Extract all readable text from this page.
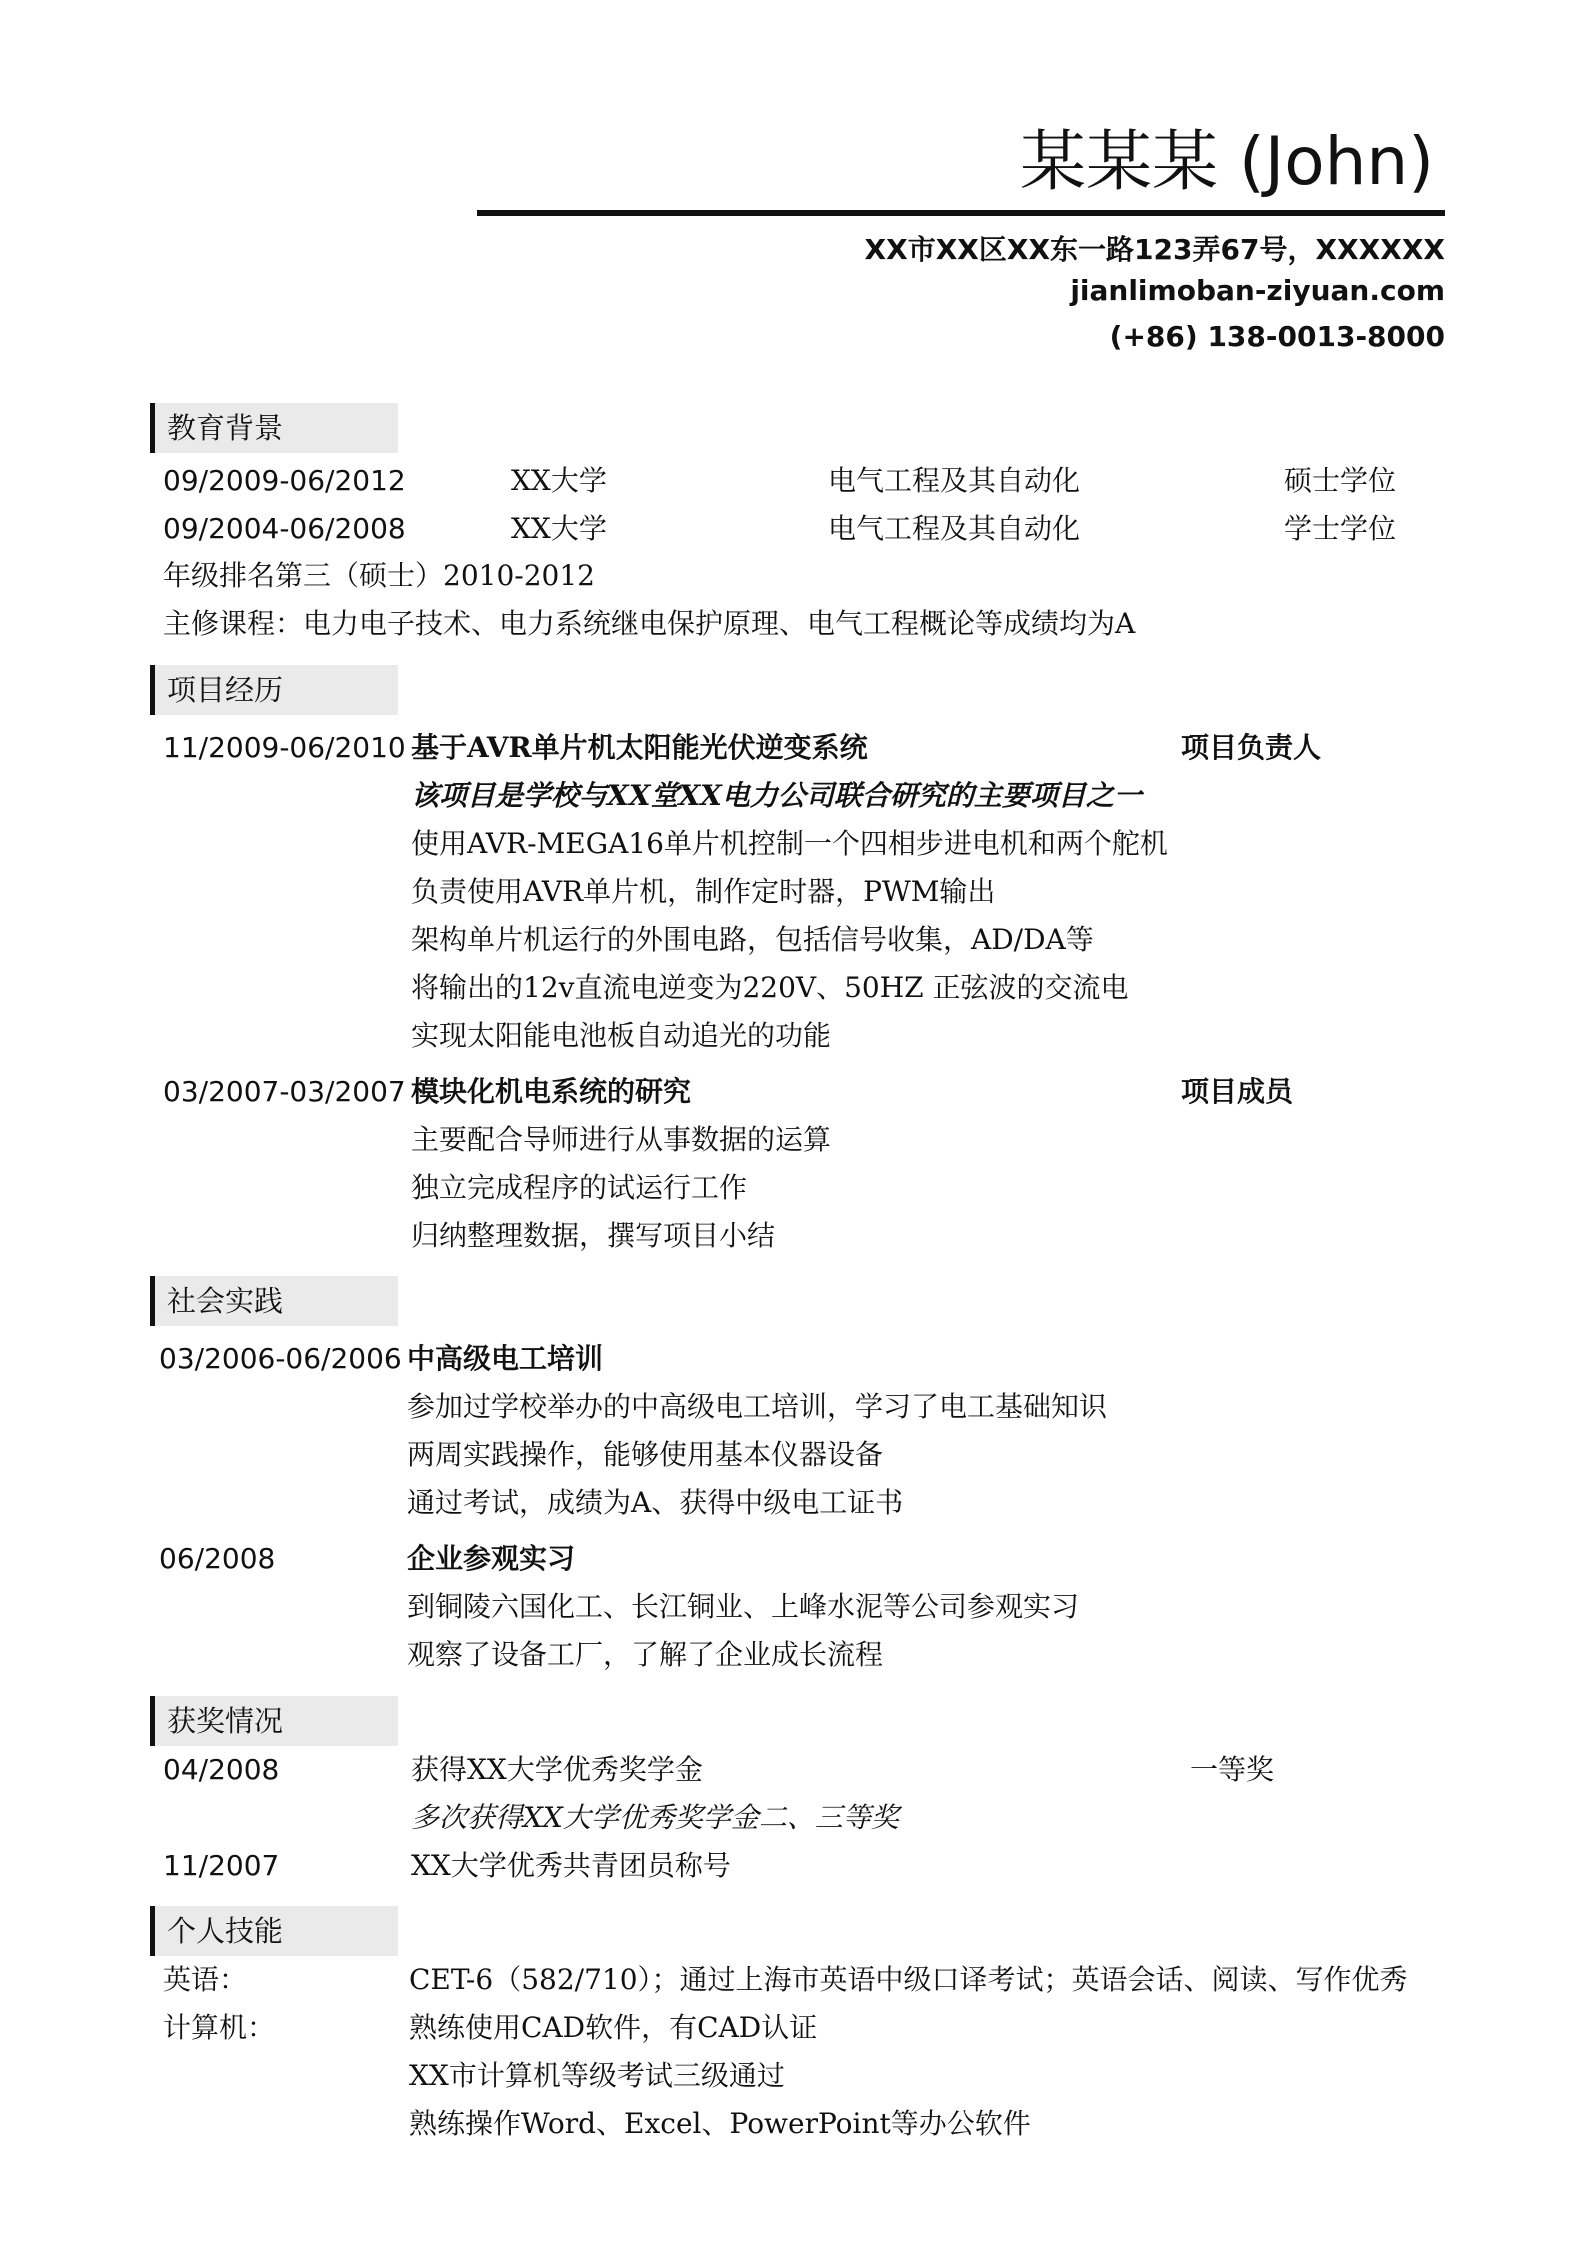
某某某 (John)
XX市XX区XX东一路123弄67号，XXXXXX
jianlimoban-ziyuan.com
(+86) 138-0013-8000
教育背景
09/2009-06/2012	XX大学	电气工程及其自动化	硕士学位
09/2004-06/2008	XX大学	电气工程及其自动化	学士学位
年级排名第三（硕士）2010-2012
主修课程：电力电子技术、电力系统继电保护原理、电气工程概论等成绩均为A
项目经历
11/2009-06/2010 基于AVR单片机太阳能光伏逆变系统	项目负责人
该项目是学校与XX堂XX电力公司联合研究的主要项目之一
使用AVR-MEGA16单片机控制一个四相步进电机和两个舵机
负责使用AVR单片机，制作定时器，PWM输出
架构单片机运行的外围电路，包括信号收集，AD/DA等
将输出的12v直流电逆变为220V、50HZ 正弦波的交流电
实现太阳能电池板自动追光的功能
03/2007-03/2007 模块化机电系统的研究	项目成员
主要配合导师进行从事数据的运算
独立完成程序的试运行工作
归纳整理数据，撰写项目小结
社会实践
03/2006-06/2006 中高级电工培训
参加过学校举办的中高级电工培训，学习了电工基础知识
两周实践操作，能够使用基本仪器设备
通过考试，成绩为A、获得中级电工证书
06/2008	企业参观实习
到铜陵六国化工、长江铜业、上峰水泥等公司参观实习
观察了设备工厂，了解了企业成长流程
获奖情况
04/2008	获得XX大学优秀奖学金	一等奖
多次获得XX大学优秀奖学金二、三等奖
11/2007	XX大学优秀共青团员称号
个人技能
英语：	CET-6（582/710）；通过上海市英语中级口译考试；英语会话、阅读、写作优秀
计算机：	熟练使用CAD软件，有CAD认证
XX市计算机等级考试三级通过
熟练操作Word、Excel、PowerPoint等办公软件
